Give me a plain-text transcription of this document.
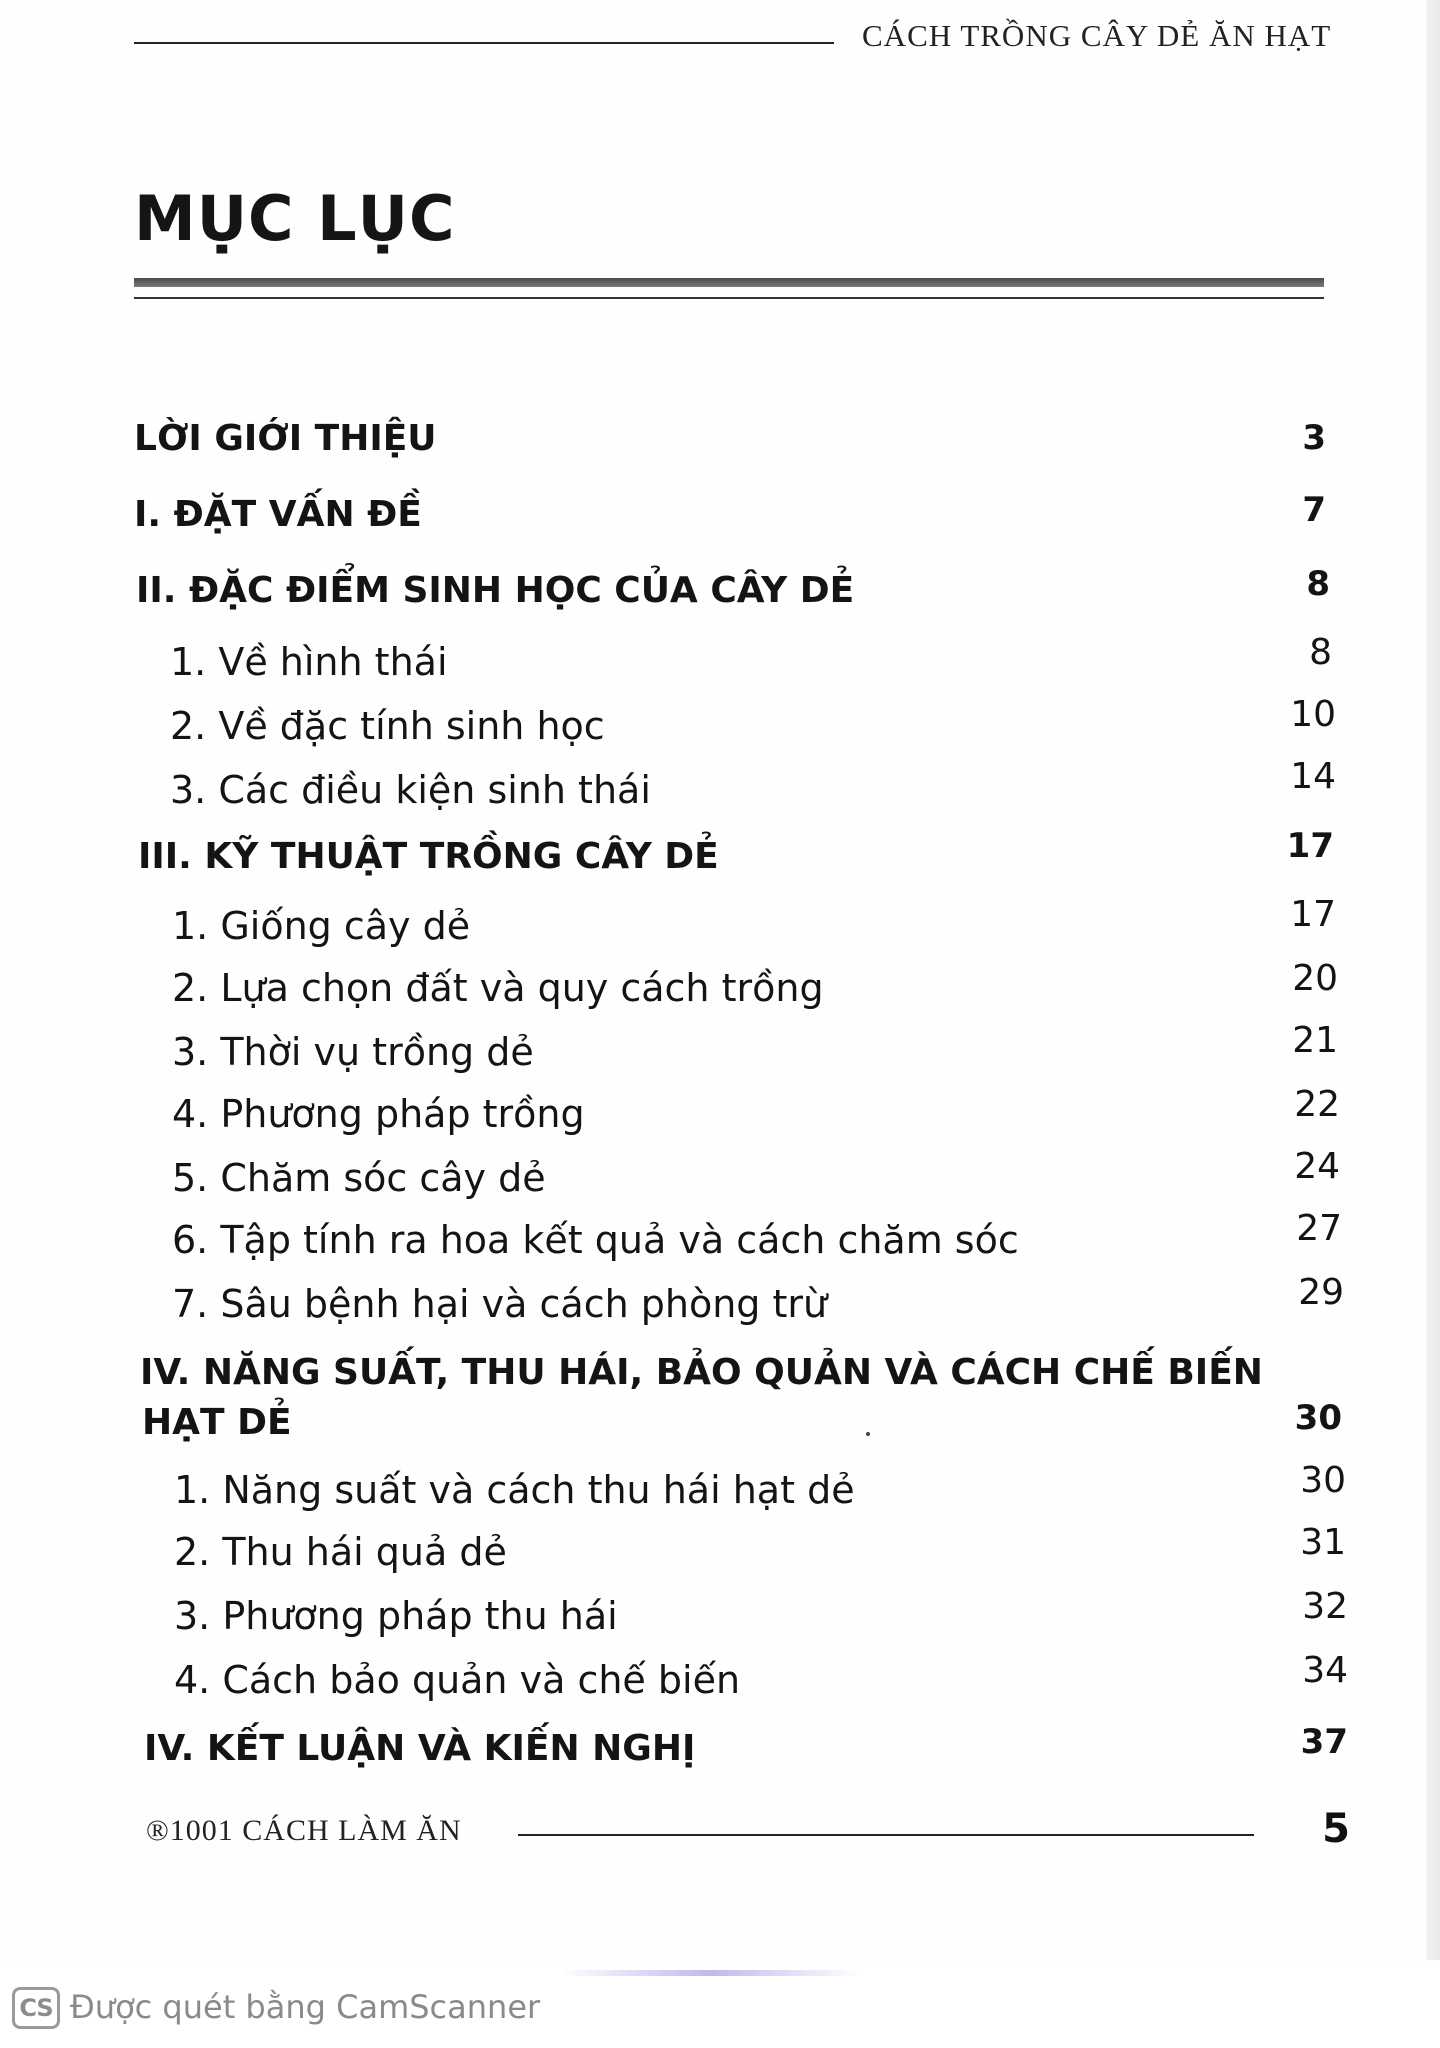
CÁCH TRỒNG CÂY DẺ ĂN HẠT
MỤC LỤC
LỜI GIỚI THIỆU	3
I. ĐẶT VẤN ĐỀ	7
II. ĐẶC ĐIỂM SINH HỌC CỦA CÂY DẺ	8
1. Về hình thái	8
2. Về đặc tính sinh học	10
3. Các điều kiện sinh thái	14
III. KỸ THUẬT TRỒNG CÂY DẺ	17
1. Giống cây dẻ	17
2. Lựa chọn đất và quy cách trồng	20
3. Thời vụ trồng dẻ	21
4. Phương pháp trồng	22
5. Chăm sóc cây dẻ	24
6. Tập tính ra hoa kết quả và cách chăm sóc	27
7. Sâu bệnh hại và cách phòng trừ	29
IV. NĂNG SUẤT, THU HÁI, BẢO QUẢN VÀ CÁCH CHẾ BIẾN
HẠT DẺ	30
1. Năng suất và cách thu hái hạt dẻ	30
2. Thu hái quả dẻ	31
3. Phương pháp thu hái	32
4. Cách bảo quản và chế biến	34
IV. KẾT LUẬN VÀ KIẾN NGHỊ	37
®1001 CÁCH LÀM ĂN	5
CS Được quét bằng CamScanner
